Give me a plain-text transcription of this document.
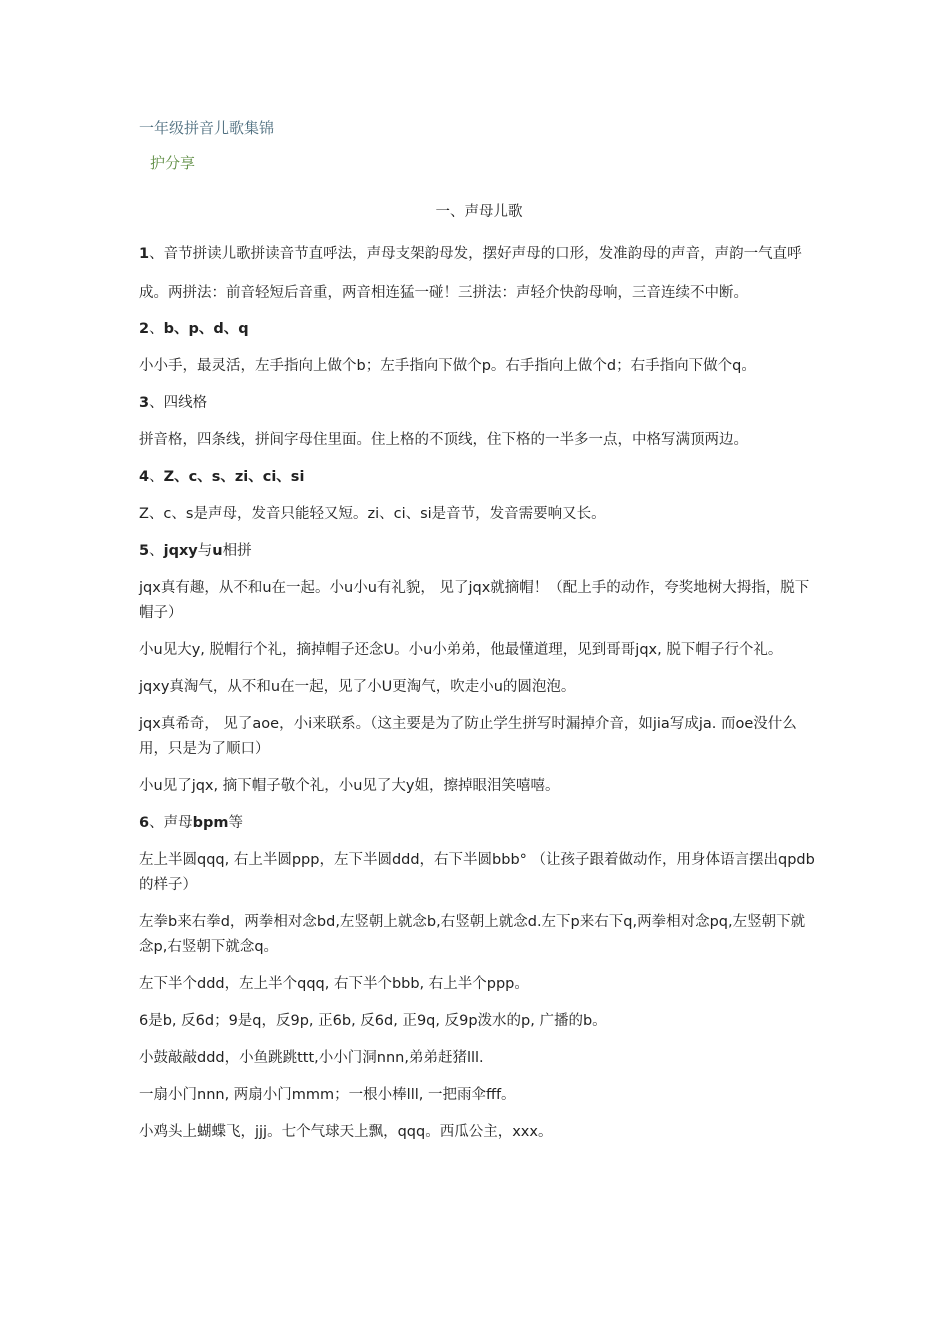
一年级拼音儿歌集锦
护分享
一、声母儿歌
1、音节拼读儿歌拼读音节直呼法，声母支架韵母发，摆好声母的口形，发准韵母的声音，声韵一气直呼成。两拼法：前音轻短后音重，两音相连猛一碰！三拼法：声轻介快韵母响，三音连续不中断。
2、b、p、d、q
小小手，最灵活，左手指向上做个b；左手指向下做个p。右手指向上做个d；右手指向下做个q。
3、四线格
拼音格，四条线，拼间字母住里面。住上格的不顶线，住下格的一半多一点，中格写满顶两边。
4、Z、c、s、zi、ci、si
Z、c、s是声母，发音只能轻又短。zi、ci、si是音节，发音需要响又长。
5、jqxy与u相拼
jqx真有趣，从不和u在一起。小u小u有礼貌， 见了jqx就摘帽！（配上手的动作，夸奖地树大拇指，脱下帽子）
小u见大y, 脱帽行个礼，摘掉帽子还念U。小u小弟弟，他最懂道理，见到哥哥jqx, 脱下帽子行个礼。
jqxy真淘气，从不和u在一起，见了小U更淘气，吹走小u的圆泡泡。
jqx真希奇， 见了aoe，小i来联系。（这主要是为了防止学生拼写时漏掉介音，如jia写成ja. 而oe没什么用，只是为了顺口）
小u见了jqx, 摘下帽子敬个礼，小u见了大y姐，擦掉眼泪笑嘻嘻。
6、声母bpm等
左上半圆qqq, 右上半圆ppp，左下半圆ddd，右下半圆bbb° （让孩子跟着做动作，用身体语言摆出qpdb的样子）
左拳b来右拳d，两拳相对念bd,左竖朝上就念b,右竖朝上就念d.左下p来右下q,两拳相对念pq,左竖朝下就念p,右竖朝下就念q。
左下半个ddd，左上半个qqq, 右下半个bbb, 右上半个ppp。
6是b, 反6d；9是q，反9p, 正6b, 反6d, 正9q, 反9p泼水的p, 广播的b。
小鼓敲敲ddd，小鱼跳跳ttt,小小门洞nnn,弟弟赶猪lll.
一扇小门nnn, 两扇小门mmm；一根小棒lll, 一把雨伞fff。
小鸡头上蝴蝶飞，jjj。七个气球天上飘，qqq。西瓜公主，xxx。
